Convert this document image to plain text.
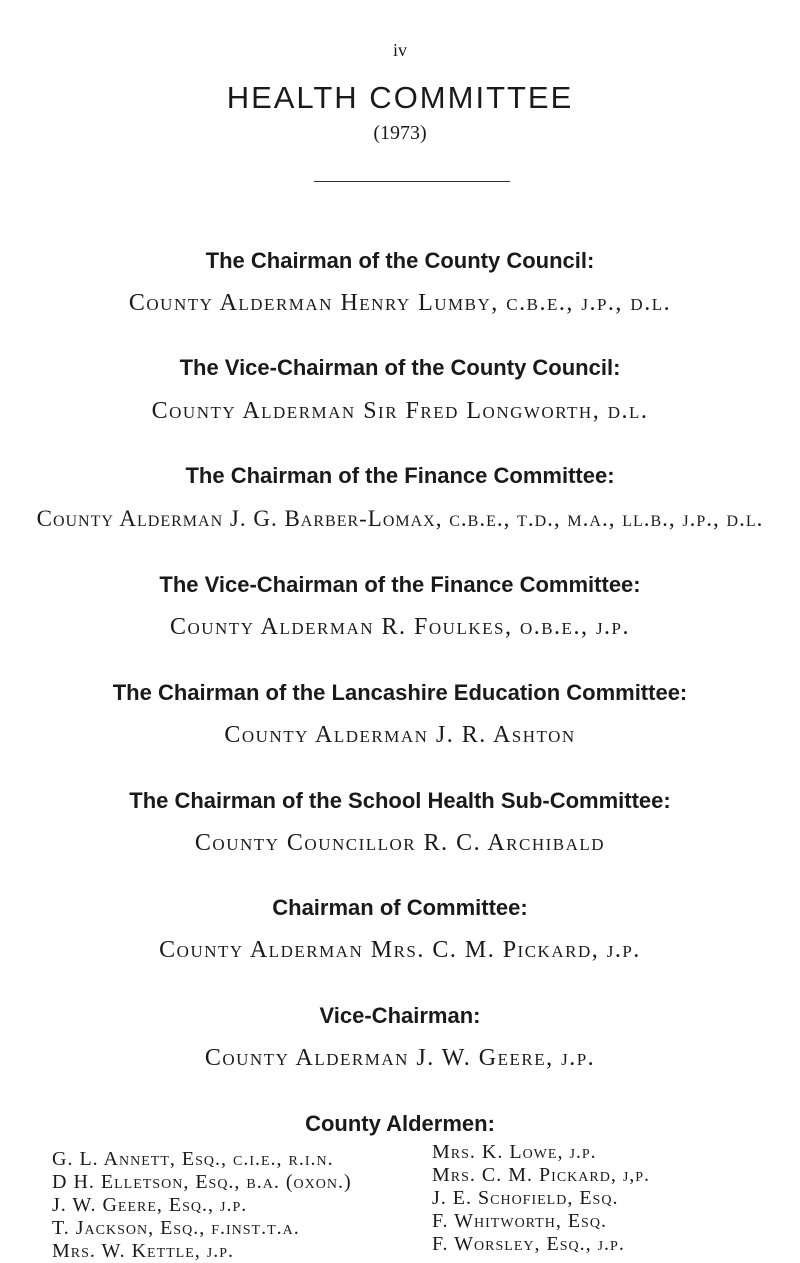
iv
HEALTH COMMITTEE
(1973)
The Chairman of the County Council:
County Alderman Henry Lumby, c.b.e., j.p., d.l.
The Vice-Chairman of the County Council:
County Alderman Sir Fred Longworth, d.l.
The Chairman of the Finance Committee:
County Alderman J. G. Barber-Lomax, c.b.e., t.d., m.a., ll.b., j.p., d.l.
The Vice-Chairman of the Finance Committee:
County Alderman R. Foulkes, o.b.e., j.p.
The Chairman of the Lancashire Education Committee:
County Alderman J. R. Ashton
The Chairman of the School Health Sub-Committee:
County Councillor R. C. Archibald
Chairman of Committee:
County Alderman Mrs. C. M. Pickard, j.p.
Vice-Chairman:
County Alderman J. W. Geere, j.p.
County Aldermen:
G. L. Annett, Esq., c.i.e., r.i.n.
D H. Elletson, Esq., b.a. (oxon.)
J. W. Geere, Esq., j.p.
T. Jackson, Esq., f.inst.t.a.
Mrs. W. Kettle, j.p.
Mrs. K. Lowe, j.p.
Mrs. C. M. Pickard, j,p.
J. E. Schofield, Esq.
F. Whitworth, Esq.
F. Worsley, Esq., j.p.
